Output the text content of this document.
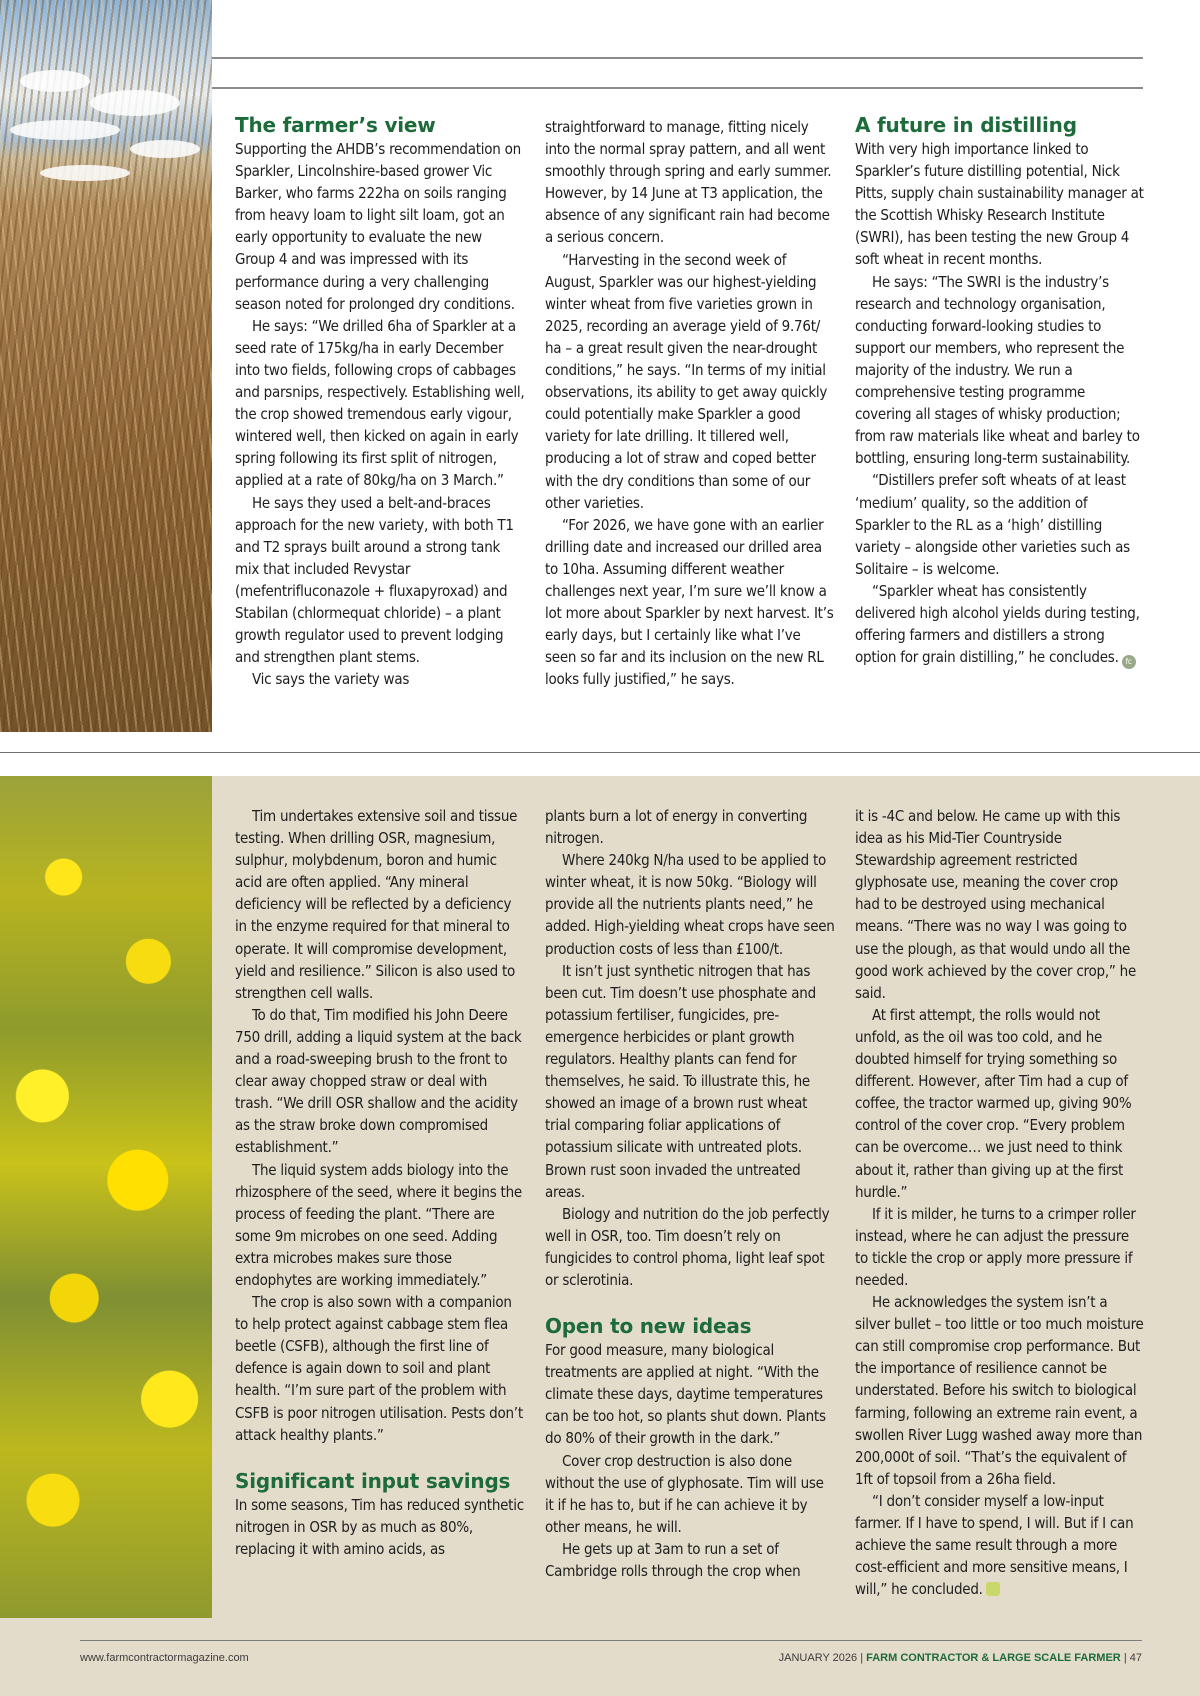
The farmer’s view

Supporting the AHDB’s recommendation on Sparkler, Lincolnshire-based grower Vic Barker, who farms 222ha on soils ranging from heavy loam to light silt loam, got an early opportunity to evaluate the new Group 4 and was impressed with its performance during a very challenging season noted for prolonged dry conditions.

He says: “We drilled 6ha of Sparkler at a seed rate of 175kg/ha in early December into two fields, following crops of cabbages and parsnips, respectively. Establishing well, the crop showed tremendous early vigour, wintered well, then kicked on again in early spring following its first split of nitrogen, applied at a rate of 80kg/ha on 3 March.”

He says they used a belt-and-braces approach for the new variety, with both T1 and T2 sprays built around a strong tank mix that included Revystar (mefentrifluconazole + fluxapyroxad) and Stabilan (chlormequat chloride) – a plant growth regulator used to prevent lodging and strengthen plant stems.

Vic says the variety was

straightforward to manage, fitting nicely into the normal spray pattern, and all went smoothly through spring and early summer. However, by 14 June at T3 application, the absence of any significant rain had become a serious concern.

“Harvesting in the second week of August, Sparkler was our highest-yielding winter wheat from five varieties grown in 2025, recording an average yield of 9.76t/ ha – a great result given the near-drought conditions,” he says. “In terms of my initial observations, its ability to get away quickly could potentially make Sparkler a good variety for late drilling. It tillered well, producing a lot of straw and coped better with the dry conditions than some of our other varieties.

“For 2026, we have gone with an earlier drilling date and increased our drilled area to 10ha. Assuming different weather challenges next year, I’m sure we’ll know a lot more about Sparkler by next harvest. It’s early days, but I certainly like what I’ve seen so far and its inclusion on the new RL looks fully justified,” he says.

A future in distilling

With very high importance linked to Sparkler’s future distilling potential, Nick Pitts, supply chain sustainability manager at the Scottish Whisky Research Institute (SWRI), has been testing the new Group 4 soft wheat in recent months.

He says: “The SWRI is the industry’s research and technology organisation, conducting forward-looking studies to support our members, who represent the majority of the industry. We run a comprehensive testing programme covering all stages of whisky production; from raw materials like wheat and barley to bottling, ensuring long-term sustainability.

“Distillers prefer soft wheats of at least ‘medium’ quality, so the addition of Sparkler to the RL as a ‘high’ distilling variety – alongside other varieties such as Solitaire – is welcome.

“Sparkler wheat has consistently delivered high alcohol yields during testing, offering farmers and distillers a strong option for grain distilling,” he concludes. fc

Tim undertakes extensive soil and tissue testing. When drilling OSR, magnesium, sulphur, molybdenum, boron and humic acid are often applied. “Any mineral deficiency will be reflected by a deficiency in the enzyme required for that mineral to operate. It will compromise development, yield and resilience.” Silicon is also used to strengthen cell walls.

To do that, Tim modified his John Deere 750 drill, adding a liquid system at the back and a road-sweeping brush to the front to clear away chopped straw or deal with trash. “We drill OSR shallow and the acidity as the straw broke down compromised establishment.”

The liquid system adds biology into the rhizosphere of the seed, where it begins the process of feeding the plant. “There are some 9m microbes on one seed. Adding extra microbes makes sure those endophytes are working immediately.”

The crop is also sown with a companion to help protect against cabbage stem flea beetle (CSFB), although the first line of defence is again down to soil and plant health. “I’m sure part of the problem with CSFB is poor nitrogen utilisation. Pests don’t attack healthy plants.”

Significant input savings

In some seasons, Tim has reduced synthetic nitrogen in OSR by as much as 80%, replacing it with amino acids, as

plants burn a lot of energy in converting nitrogen.

Where 240kg N/ha used to be applied to winter wheat, it is now 50kg. “Biology will provide all the nutrients plants need,” he added. High-yielding wheat crops have seen production costs of less than £100/t.

It isn’t just synthetic nitrogen that has been cut. Tim doesn’t use phosphate and potassium fertiliser, fungicides, pre-emergence herbicides or plant growth regulators. Healthy plants can fend for themselves, he said. To illustrate this, he showed an image of a brown rust wheat trial comparing foliar applications of potassium silicate with untreated plots. Brown rust soon invaded the untreated areas.

Biology and nutrition do the job perfectly well in OSR, too. Tim doesn’t rely on fungicides to control phoma, light leaf spot or sclerotinia.

Open to new ideas

For good measure, many biological treatments are applied at night. “With the climate these days, daytime temperatures can be too hot, so plants shut down. Plants do 80% of their growth in the dark.”

Cover crop destruction is also done without the use of glyphosate. Tim will use it if he has to, but if he can achieve it by other means, he will.

He gets up at 3am to run a set of Cambridge rolls through the crop when

it is -4C and below. He came up with this idea as his Mid-Tier Countryside Stewardship agreement restricted glyphosate use, meaning the cover crop had to be destroyed using mechanical means. “There was no way I was going to use the plough, as that would undo all the good work achieved by the cover crop,” he said.

At first attempt, the rolls would not unfold, as the oil was too cold, and he doubted himself for trying something so different. However, after Tim had a cup of coffee, the tractor warmed up, giving 90% control of the cover crop. “Every problem can be overcome… we just need to think about it, rather than giving up at the first hurdle.”

If it is milder, he turns to a crimper roller instead, where he can adjust the pressure to tickle the crop or apply more pressure if needed.

He acknowledges the system isn’t a silver bullet – too little or too much moisture can still compromise crop performance. But the importance of resilience cannot be understated. Before his switch to biological farming, following an extreme rain event, a swollen River Lugg washed away more than 200,000t of soil. “That’s the equivalent of 1ft of topsoil from a 26ha field.

“I don’t consider myself a low-input farmer. If I have to spend, I will. But if I can achieve the same result through a more cost-efficient and more sensitive means, I will,” he concluded.

www.farmcontractormagazine.com	JANUARY 2026 | FARM CONTRACTOR & LARGE SCALE FARMER | 47
